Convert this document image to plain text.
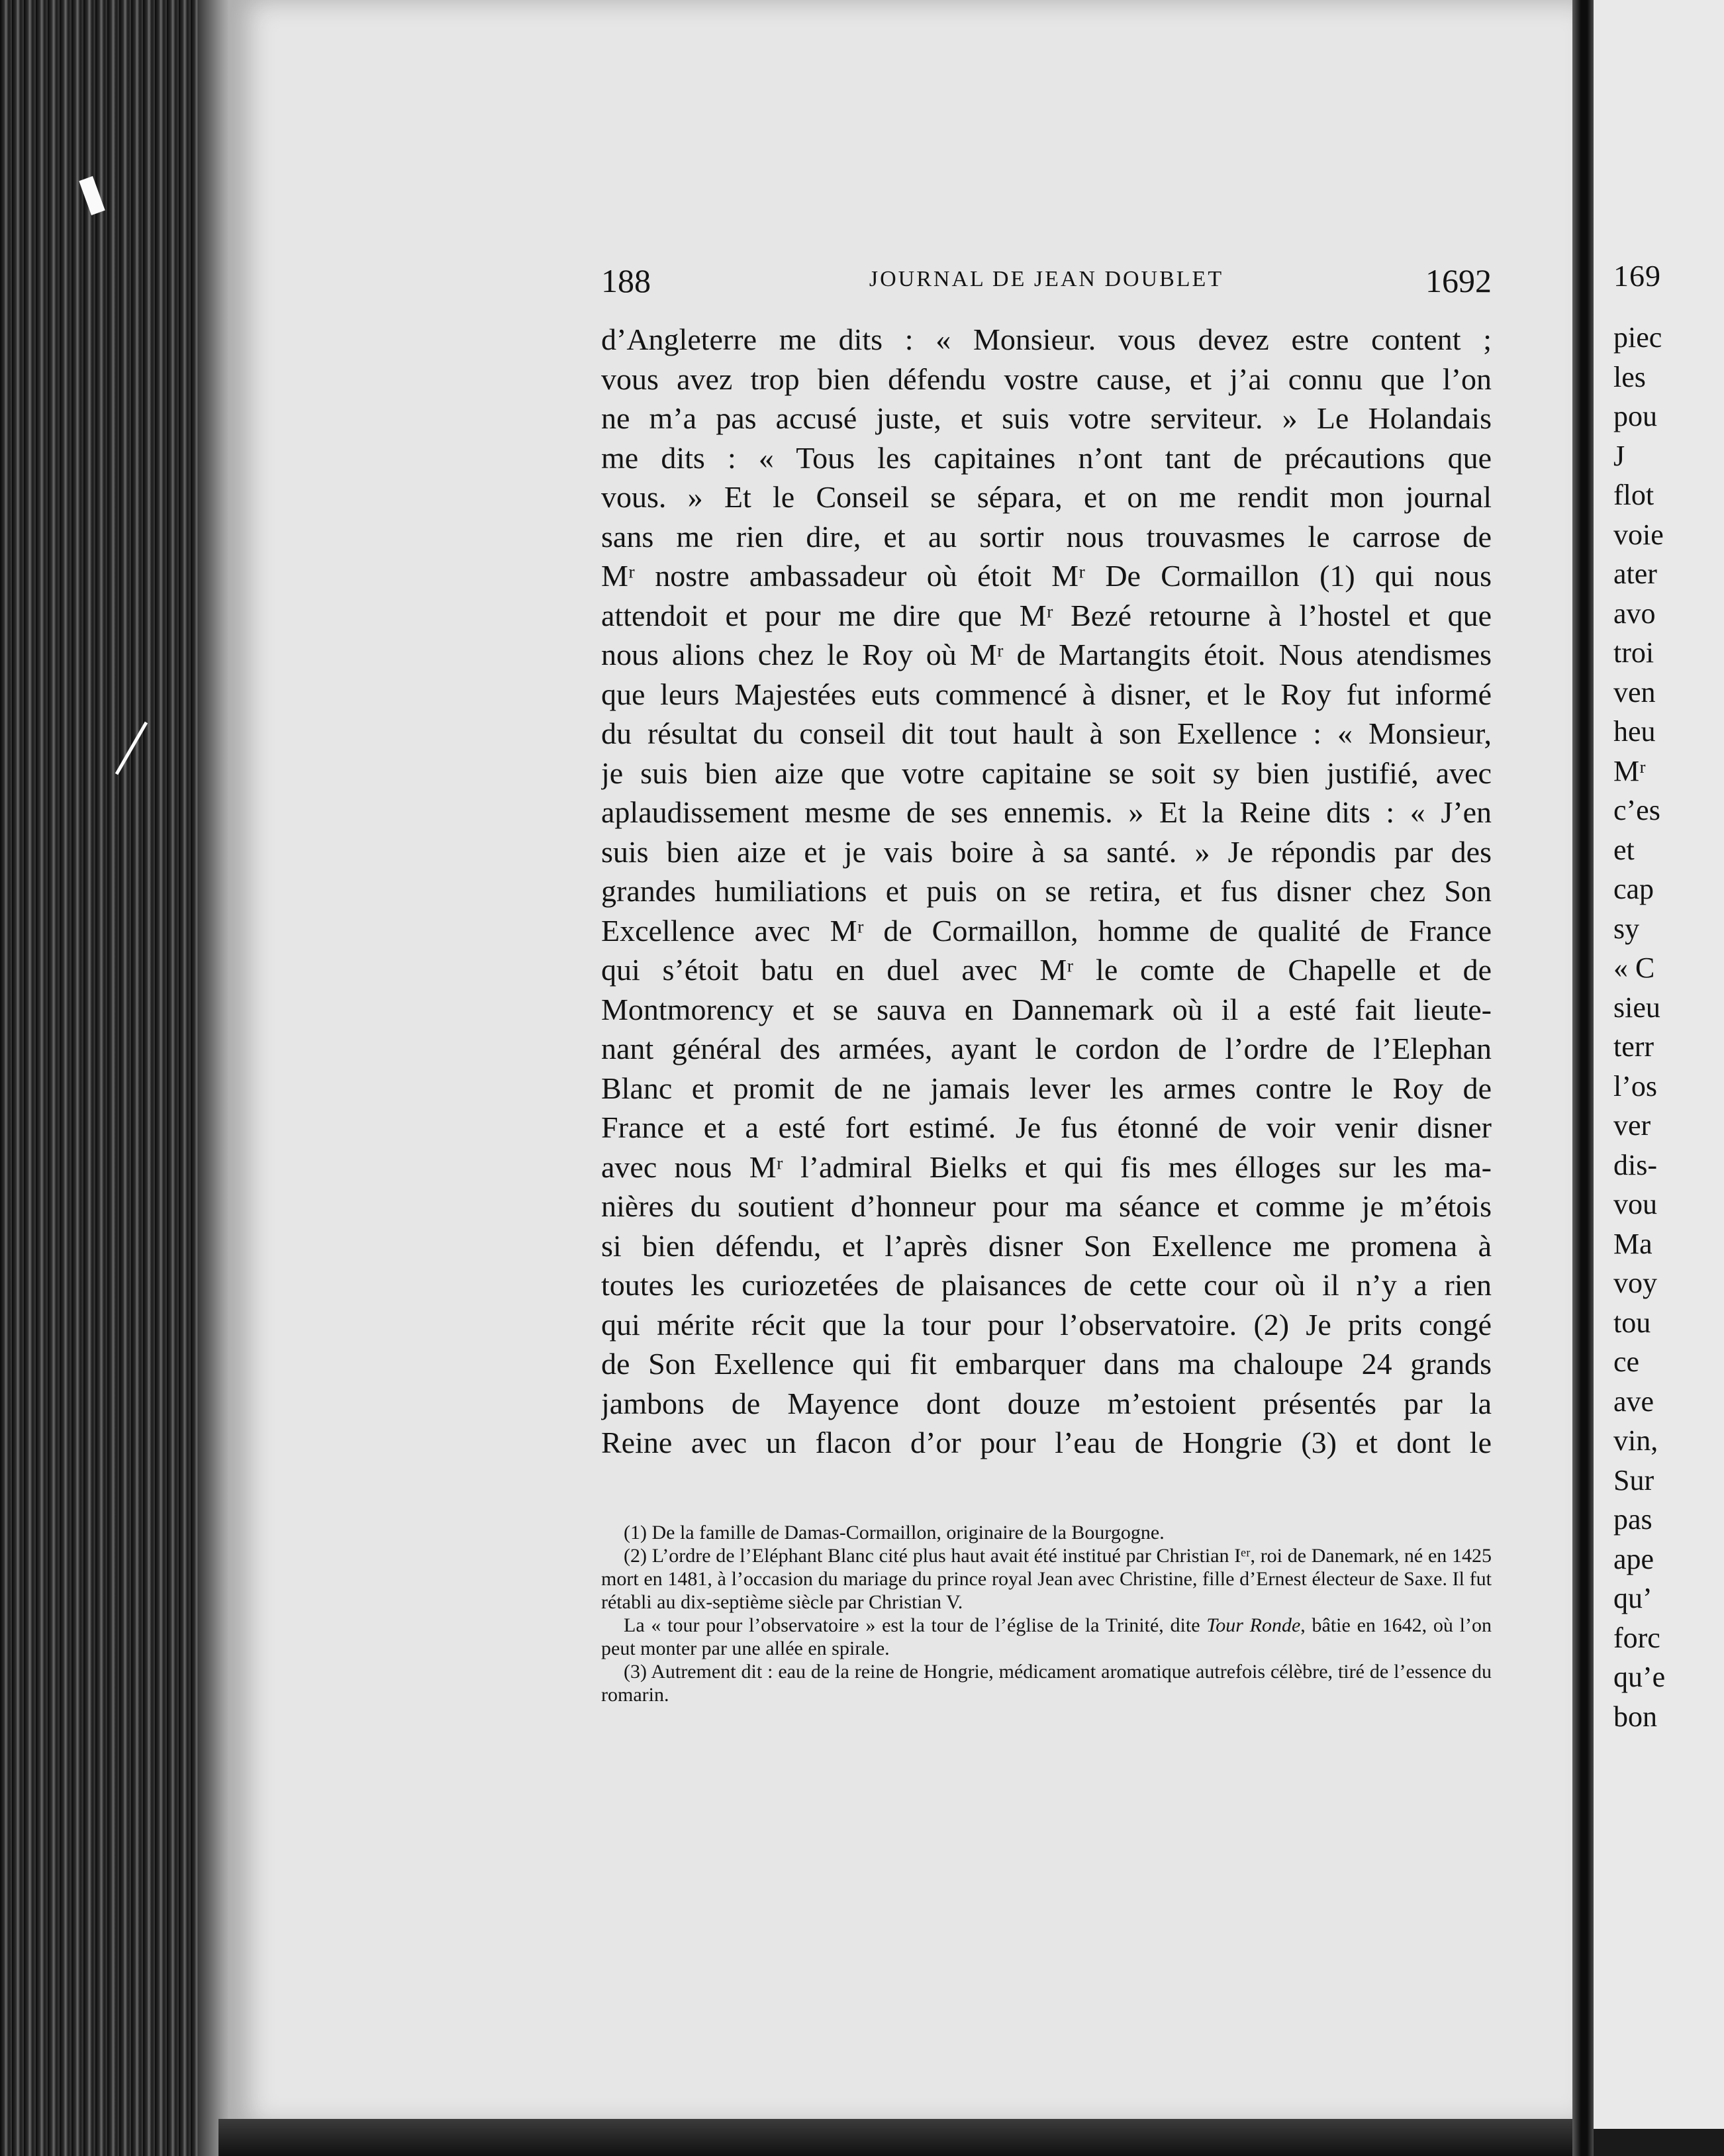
188	JOURNAL DE JEAN DOUBLET	1692
d’Angleterre me dits : « Monsieur. vous devez estre content ;
vous avez trop bien défendu vostre cause, et j’ai connu que l’on
ne m’a pas accusé juste, et suis votre serviteur. » Le Holandais
me dits : « Tous les capitaines n’ont tant de précautions que
vous. » Et le Conseil se sépara, et on me rendit mon journal
sans me rien dire, et au sortir nous trouvasmes le carrose de
Mʳ nostre ambassadeur où étoit Mʳ De Cormaillon (1) qui nous
attendoit et pour me dire que Mʳ Bezé retourne à l’hostel et que
nous alions chez le Roy où Mʳ de Martangits étoit. Nous atendismes
que leurs Majestées euts commencé à disner, et le Roy fut informé
du résultat du conseil dit tout hault à son Exellence : « Monsieur,
je suis bien aize que votre capitaine se soit sy bien justifié, avec
aplaudissement mesme de ses ennemis. » Et la Reine dits : « J’en
suis bien aize et je vais boire à sa santé. » Je répondis par des
grandes humiliations et puis on se retira, et fus disner chez Son
Excellence avec Mʳ de Cormaillon, homme de qualité de France
qui s’étoit batu en duel avec Mʳ le comte de Chapelle et de
Montmorency et se sauva en Dannemark où il a esté fait lieute-
nant général des armées, ayant le cordon de l’ordre de l’Elephan
Blanc et promit de ne jamais lever les armes contre le Roy de
France et a esté fort estimé. Je fus étonné de voir venir disner
avec nous Mʳ l’admiral Bielks et qui fis mes élloges sur les ma-
nières du soutient d’honneur pour ma séance et comme je m’étois
si bien défendu, et l’après disner Son Exellence me promena à
toutes les curiozetées de plaisances de cette cour où il n’y a rien
qui mérite récit que la tour pour l’observatoire. (2) Je prits congé
de Son Exellence qui fit embarquer dans ma chaloupe 24 grands
jambons de Mayence dont douze m’estoient présentés par la
Reine avec un flacon d’or pour l’eau de Hongrie (3) et dont le

(1) De la famille de Damas-Cormaillon, originaire de la Bourgogne.

(2) L’ordre de l’Eléphant Blanc cité plus haut avait été institué par Christian Iᵉʳ, roi de Danemark, né en 1425 mort en 1481, à l’occasion du mariage du prince royal Jean avec Christine, fille d’Ernest électeur de Saxe. Il fut rétabli au dix-septième siècle par Christian V.

La « tour pour l’observatoire » est la tour de l’église de la Trinité, dite Tour Ronde, bâtie en 1642, où l’on peut monter par une allée en spirale.

(3) Autrement dit : eau de la reine de Hongrie, médicament aromatique autrefois célèbre, tiré de l’essence du romarin.

169
piec
les
pou
J
flot
voie
ater
avo
troi
ven
heu
Mʳ
c’es
et
cap
sy
« C
sieu
terr
l’os
ver
dis-
vou
Ma
voy
tou
ce
ave
vin,
Sur
pas
ape
qu’
forc
qu’e
bon
